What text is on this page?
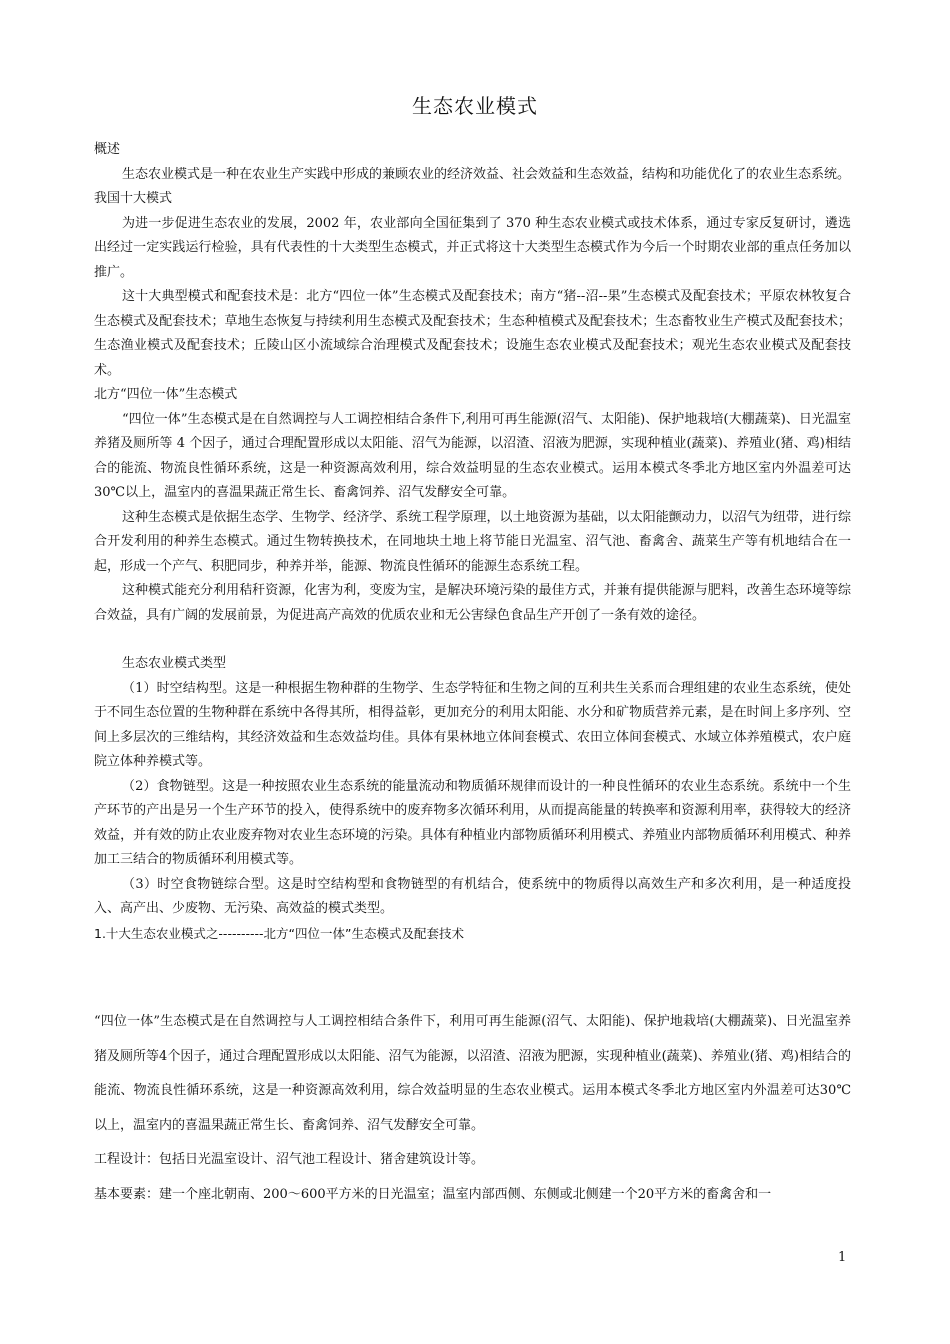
生态农业模式

概述

生态农业模式是一种在农业生产实践中形成的兼顾农业的经济效益、社会效益和生态效益，结构和功能优化了的农业生态系统。

我国十大模式

为进一步促进生态农业的发展，2002 年，农业部向全国征集到了 370 种生态农业模式或技术体系，通过专家反复研讨，遴选出经过一定实践运行检验，具有代表性的十大类型生态模式，并正式将这十大类型生态模式作为今后一个时期农业部的重点任务加以推广。

这十大典型模式和配套技术是：北方“四位一体”生态模式及配套技术；南方“猪--沼--果”生态模式及配套技术；平原农林牧复合生态模式及配套技术；草地生态恢复与持续利用生态模式及配套技术；生态种植模式及配套技术；生态畜牧业生产模式及配套技术；生态渔业模式及配套技术；丘陵山区小流域综合治理模式及配套技术；设施生态农业模式及配套技术；观光生态农业模式及配套技术。

北方“四位一体”生态模式

“四位一体”生态模式是在自然调控与人工调控相结合条件下,利用可再生能源(沼气、太阳能)、保护地栽培(大棚蔬菜)、日光温室养猪及厕所等 4 个因子，通过合理配置形成以太阳能、沼气为能源，以沼渣、沼液为肥源，实现种植业(蔬菜)、养殖业(猪、鸡)相结合的能流、物流良性循环系统，这是一种资源高效利用，综合效益明显的生态农业模式。运用本模式冬季北方地区室内外温差可达 30℃以上，温室内的喜温果蔬正常生长、畜禽饲养、沼气发酵安全可靠。

这种生态模式是依据生态学、生物学、经济学、系统工程学原理，以土地资源为基础，以太阳能颤动力，以沼气为纽带，进行综合开发利用的种养生态模式。通过生物转换技术，在同地块土地上将节能日光温室、沼气池、畜禽舍、蔬菜生产等有机地结合在一起，形成一个产气、积肥同步，种养并举，能源、物流良性循环的能源生态系统工程。

这种模式能充分利用秸秆资源，化害为利，变废为宝，是解决环境污染的最佳方式，并兼有提供能源与肥料，改善生态环境等综合效益，具有广阔的发展前景，为促进高产高效的优质农业和无公害绿色食品生产开创了一条有效的途径。

生态农业模式类型

（1）时空结构型。这是一种根据生物种群的生物学、生态学特征和生物之间的互利共生关系而合理组建的农业生态系统，使处于不同生态位置的生物种群在系统中各得其所，相得益彰，更加充分的利用太阳能、水分和矿物质营养元素，是在时间上多序列、空间上多层次的三维结构，其经济效益和生态效益均佳。具体有果林地立体间套模式、农田立体间套模式、水域立体养殖模式，农户庭院立体种养模式等。

（2）食物链型。这是一种按照农业生态系统的能量流动和物质循环规律而设计的一种良性循环的农业生态系统。系统中一个生产环节的产出是另一个生产环节的投入，使得系统中的废弃物多次循环利用，从而提高能量的转换率和资源利用率，获得较大的经济效益，并有效的防止农业废弃物对农业生态环境的污染。具体有种植业内部物质循环利用模式、养殖业内部物质循环利用模式、种养加工三结合的物质循环利用模式等。

（3）时空食物链综合型。这是时空结构型和食物链型的有机结合，使系统中的物质得以高效生产和多次利用，是一种适度投入、高产出、少废物、无污染、高效益的模式类型。

1.十大生态农业模式之----------北方“四位一体”生态模式及配套技术

“四位一体”生态模式是在自然调控与人工调控相结合条件下，利用可再生能源(沼气、太阳能)、保护地栽培(大棚蔬菜)、日光温室养猪及厕所等4个因子，通过合理配置形成以太阳能、沼气为能源，以沼渣、沼液为肥源，实现种植业(蔬菜)、养殖业(猪、鸡)相结合的能流、物流良性循环系统，这是一种资源高效利用，综合效益明显的生态农业模式。运用本模式冬季北方地区室内外温差可达30℃以上，温室内的喜温果蔬正常生长、畜禽饲养、沼气发酵安全可靠。

工程设计：包括日光温室设计、沼气池工程设计、猪舍建筑设计等。

基本要素：建一个座北朝南、200～600平方米的日光温室；温室内部西侧、东侧或北侧建一个20平方米的畜禽舍和一

1
